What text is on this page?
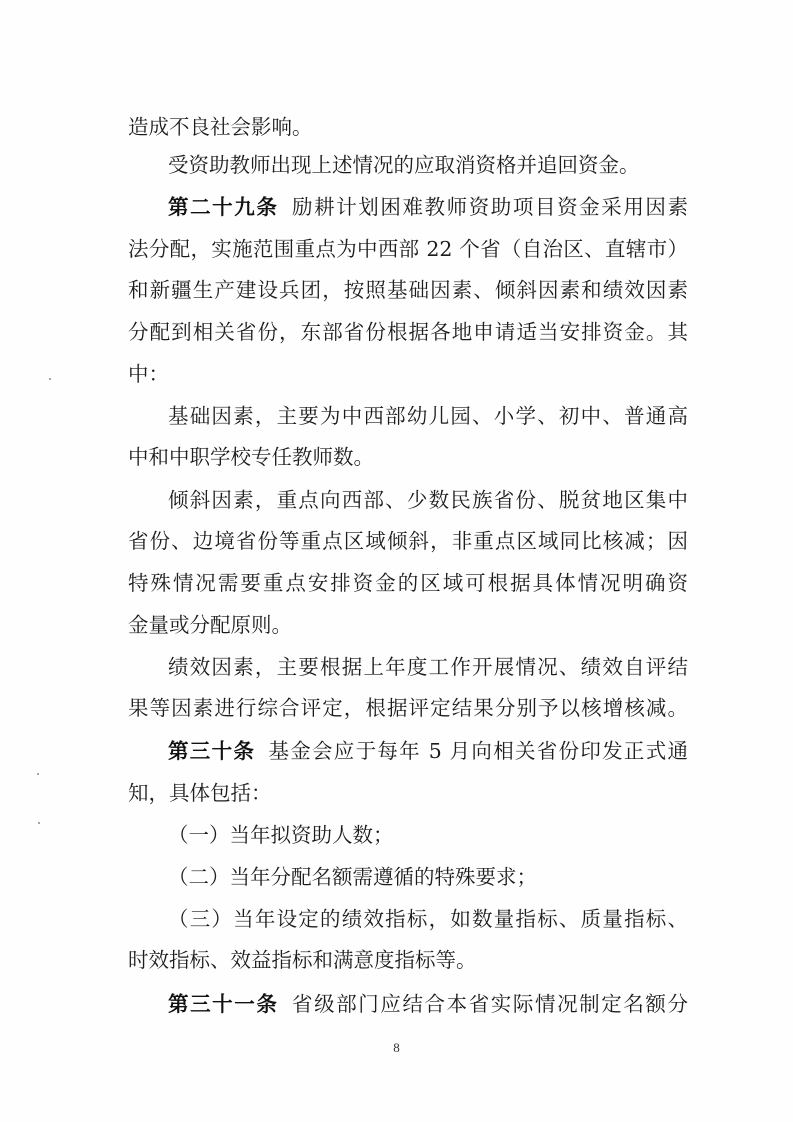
造成不良社会影响。
受资助教师出现上述情况的应取消资格并追回资金。
第二十九条 励耕计划困难教师资助项目资金采用因素
法分配，实施范围重点为中西部 22 个省（自治区、直辖市）
和新疆生产建设兵团，按照基础因素、倾斜因素和绩效因素
分配到相关省份，东部省份根据各地申请适当安排资金。其
中：
基础因素，主要为中西部幼儿园、小学、初中、普通高
中和中职学校专任教师数。
倾斜因素，重点向西部、少数民族省份、脱贫地区集中
省份、边境省份等重点区域倾斜，非重点区域同比核减；因
特殊情况需要重点安排资金的区域可根据具体情况明确资
金量或分配原则。
绩效因素，主要根据上年度工作开展情况、绩效自评结
果等因素进行综合评定，根据评定结果分别予以核增核减。
第三十条 基金会应于每年 5 月向相关省份印发正式通
知，具体包括：
（一）当年拟资助人数；
（二）当年分配名额需遵循的特殊要求；
（三）当年设定的绩效指标，如数量指标、质量指标、
时效指标、效益指标和满意度指标等。
第三十一条 省级部门应结合本省实际情况制定名额分
8
